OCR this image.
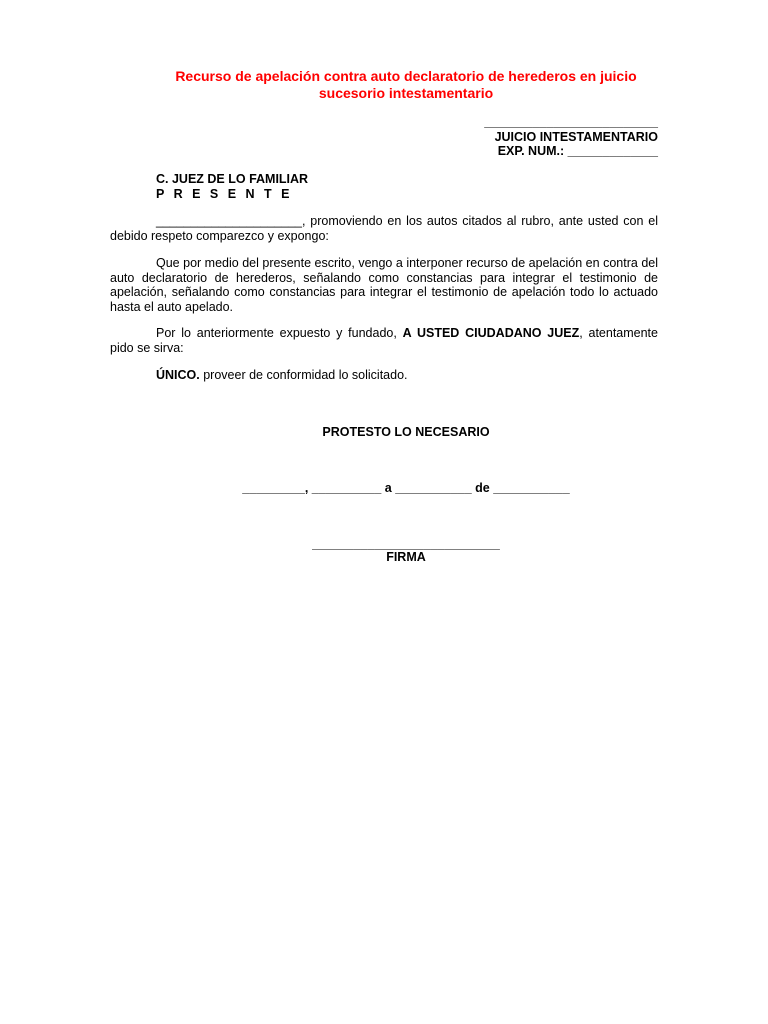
Recurso de apelación contra auto declaratorio de herederos en juicio
sucesorio intestamentario
_________________________
JUICIO INTESTAMENTARIO
EXP. NUM.: _____________
C. JUEZ DE LO FAMILIAR
P R E S E N T E

_____________________, promoviendo en los autos citados al rubro, ante usted con el debido respeto comparezco y expongo:

Que por medio del presente escrito, vengo a interponer recurso de apelación en contra del auto declaratorio de herederos, señalando como constancias para integrar el testimonio de apelación, señalando como constancias para integrar el testimonio de apelación todo lo actuado hasta el auto apelado.

Por lo anteriormente expuesto y fundado, A USTED CIUDADANO JUEZ, atentamente pido se sirva:

ÚNICO. proveer de conformidad lo solicitado.

PROTESTO LO NECESARIO
_________, __________ a ___________ de ___________
___________________________
FIRMA
